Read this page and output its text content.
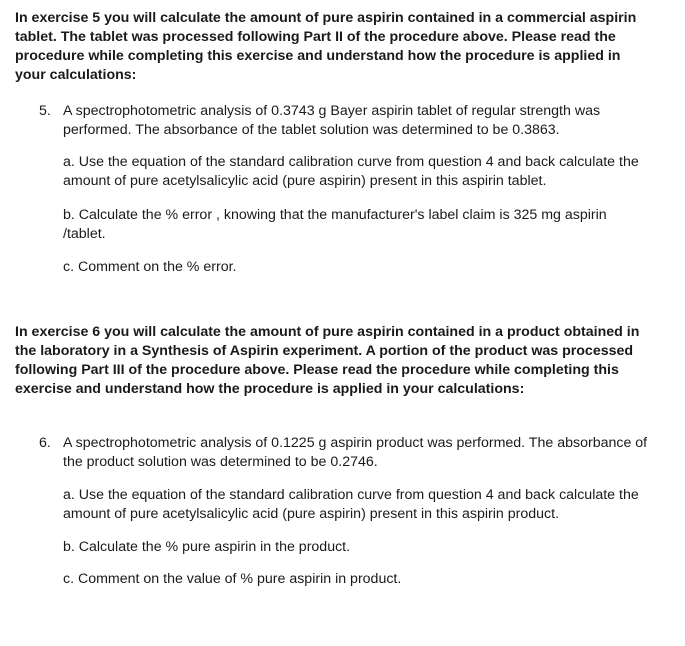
In exercise 5 you will calculate the amount of pure aspirin contained in a commercial aspirin tablet. The tablet was processed following Part II of the procedure above. Please read the procedure while completing this exercise and understand how the procedure is applied in your calculations:

5. A spectrophotometric analysis of 0.3743 g Bayer aspirin tablet of regular strength was performed. The absorbance of the tablet solution was determined to be 0.3863.

a. Use the equation of the standard calibration curve from question 4 and back calculate the amount of pure acetylsalicylic acid (pure aspirin) present in this aspirin tablet.

b. Calculate the % error , knowing that the manufacturer's label claim is 325 mg aspirin /tablet.

c. Comment on the % error.

In exercise 6 you will calculate the amount of pure aspirin contained in a product obtained in the laboratory in a Synthesis of Aspirin experiment. A portion of the product was processed following Part III of the procedure above. Please read the procedure while completing this exercise and understand how the procedure is applied in your calculations:

6. A spectrophotometric analysis of 0.1225 g aspirin product was performed. The absorbance of the product solution was determined to be 0.2746.

a. Use the equation of the standard calibration curve from question 4 and back calculate the amount of pure acetylsalicylic acid (pure aspirin) present in this aspirin product.

b. Calculate the % pure aspirin in the product.

c. Comment on the value of % pure aspirin in product.
